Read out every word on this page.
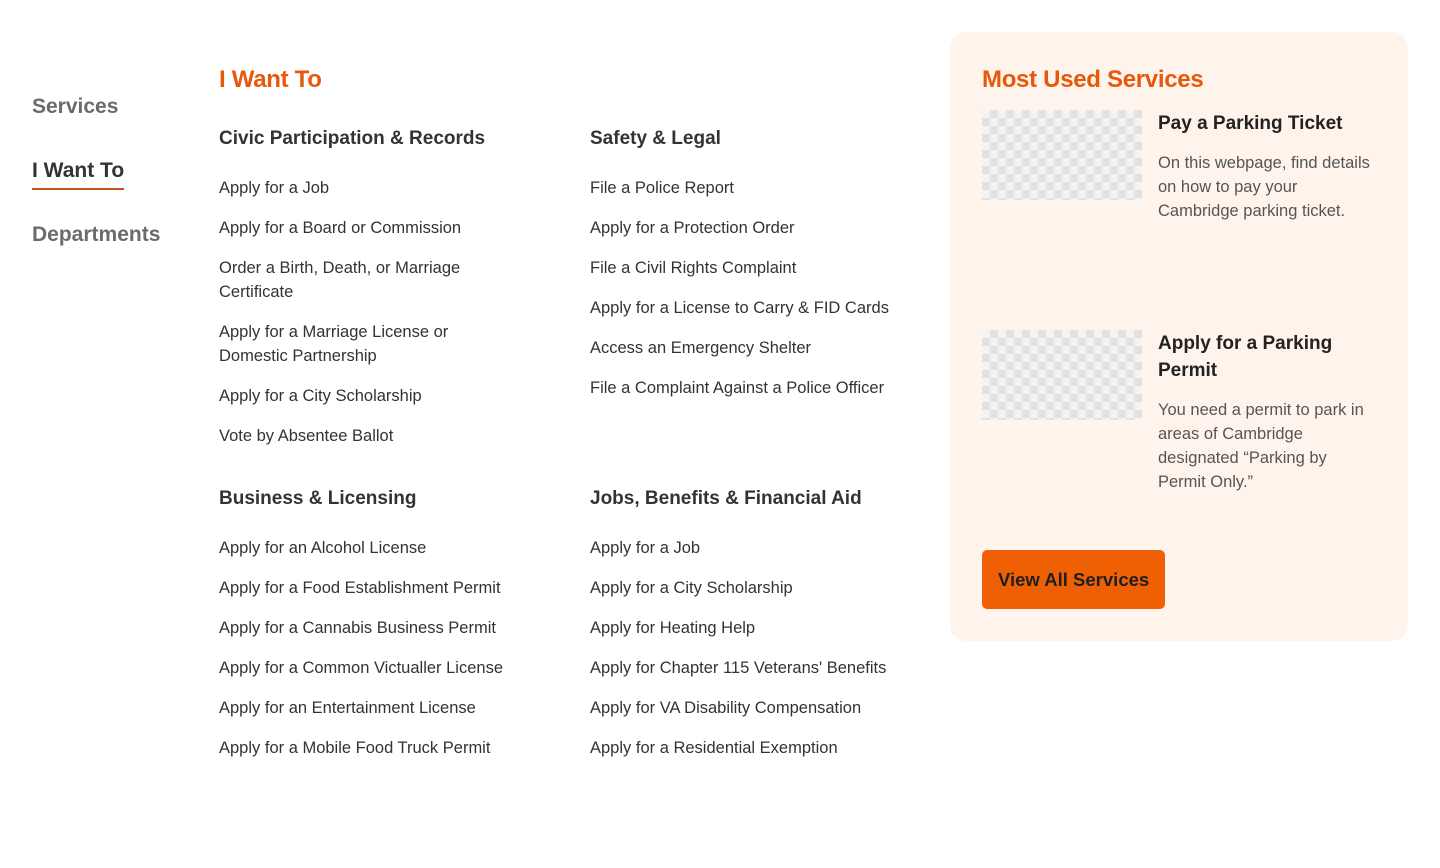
Services
I Want To
Departments
I Want To
Civic Participation & Records
Apply for a Job
Apply for a Board or Commission
Order a Birth, Death, or Marriage Certificate
Apply for a Marriage License or Domestic Partnership
Apply for a City Scholarship
Vote by Absentee Ballot
Safety & Legal
File a Police Report
Apply for a Protection Order
File a Civil Rights Complaint
Apply for a License to Carry & FID Cards
Access an Emergency Shelter
File a Complaint Against a Police Officer
Business & Licensing
Apply for an Alcohol License
Apply for a Food Establishment Permit
Apply for a Cannabis Business Permit
Apply for a Common Victualler License
Apply for an Entertainment License
Apply for a Mobile Food Truck Permit
Jobs, Benefits & Financial Aid
Apply for a Job
Apply for a City Scholarship
Apply for Heating Help
Apply for Chapter 115 Veterans' Benefits
Apply for VA Disability Compensation
Apply for a Residential Exemption
Most Used Services
Pay a Parking Ticket
On this webpage, find details on how to pay your Cambridge parking ticket.
Apply for a Parking Permit
You need a permit to park in areas of Cambridge designated “Parking by Permit Only.”
View All Services
